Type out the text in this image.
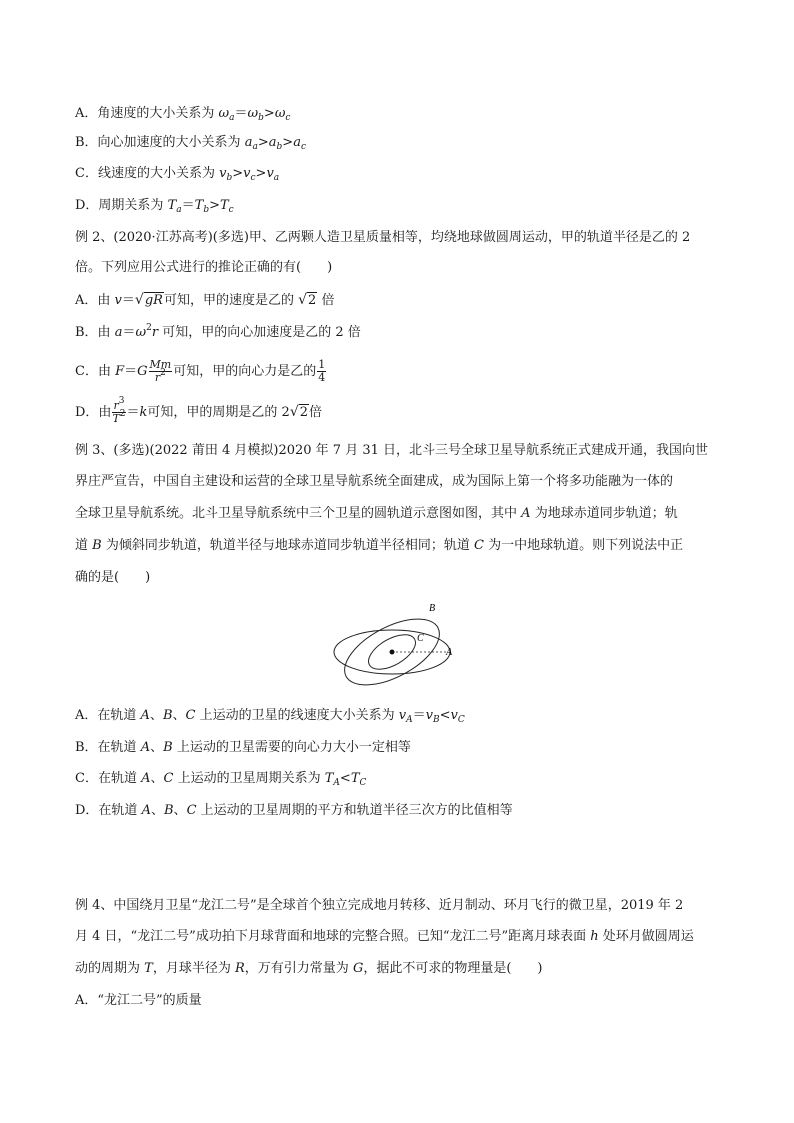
A．角速度的大小关系为 $\omega_a=\omega_b>\omega_c$
B．向心加速度的大小关系为 $a_a>a_b>a_c$
C．线速度的大小关系为 $v_b>v_c>v_a$
D．周期关系为 $T_a=T_b>T_c$
例 2、(2020·江苏高考)(多选)甲、乙两颗人造卫星质量相等，均绕地球做圆周运动，甲的轨道半径是乙的 2
倍。下列应用公式进行的推论正确的有(　　)
A．由 v＝√gR可知，甲的速度是乙的 √2 倍
B．由 $a=\omega^2r$ 可知，甲的向心加速度是乙的 2 倍
C．由 $F=G \frac{Mm}{r^2}$ 可知，甲的向心力是乙的 $\frac{1}{4}$
D．由 $\frac{r^3}{T^2} =k$可知，甲的周期是乙的 2√2倍
例 3、(多选)(2022 莆田 4 月模拟)2020 年 7 月 31 日，北斗三号全球卫星导航系统正式建成开通，我国向世
界庄严宣告，中国自主建设和运营的全球卫星导航系统全面建成，成为国际上第一个将多功能融为一体的
全球卫星导航系统。北斗卫星导航系统中三个卫星的圆轨道示意图如图，其中 A 为地球赤道同步轨道；轨
道 B 为倾斜同步轨道，轨道半径与地球赤道同步轨道半径相同；轨道 C 为一中地球轨道。则下列说法中正
确的是(　　)
B
C
A
A．在轨道 A、B、C 上运动的卫星的线速度大小关系为 $v_A=v_B<v_C$
B．在轨道 A、B 上运动的卫星需要的向心力大小一定相等
C．在轨道 A、C 上运动的卫星周期关系为 $T_A<T_C$
D．在轨道 A、B、C 上运动的卫星周期的平方和轨道半径三次方的比值相等
例 4、中国绕月卫星“龙江二号”是全球首个独立完成地月转移、近月制动、环月飞行的微卫星，2019 年 2
月 4 日，“龙江二号”成功拍下月球背面和地球的完整合照。已知“龙江二号”距离月球表面 h 处环月做圆周运
动的周期为 T，月球半径为 R，万有引力常量为 G，据此不可求的物理量是(　　)
A．“龙江二号”的质量
